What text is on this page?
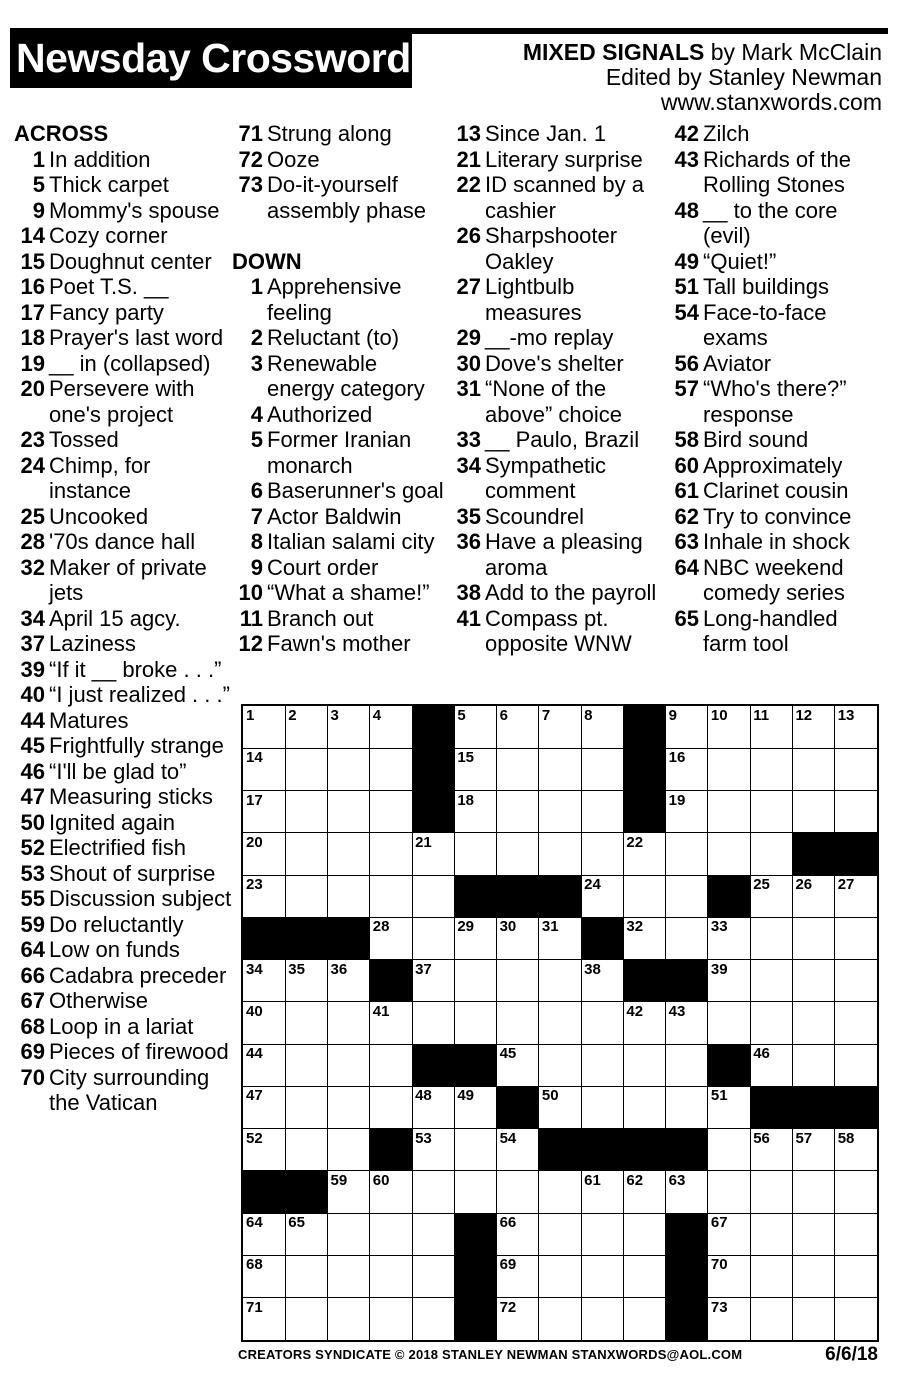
Newsday Crossword	MIXED SIGNALS by Mark McClain
Edited by Stanley Newman
www.stanxwords.com
ACROSS
1 In addition
5 Thick carpet
9 Mommy's spouse
14 Cozy corner
15 Doughnut center
16 Poet T.S. __
17 Fancy party
18 Prayer's last word
19 __ in (collapsed)
20 Persevere with one's project
23 Tossed
24 Chimp, for instance
25 Uncooked
28 '70s dance hall
32 Maker of private jets
34 April 15 agcy.
37 Laziness
39 “If it __ broke . . .”
40 “I just realized . . .”
44 Matures
45 Frightfully strange
46 “I'll be glad to”
47 Measuring sticks
50 Ignited again
52 Electrified fish
53 Shout of surprise
55 Discussion subject
59 Do reluctantly
64 Low on funds
66 Cadabra preceder
67 Otherwise
68 Loop in a lariat
69 Pieces of firewood
70 City surrounding the Vatican
71 Strung along
72 Ooze
73 Do-it-yourself assembly phase
DOWN
1 Apprehensive feeling
2 Reluctant (to)
3 Renewable energy category
4 Authorized
5 Former Iranian monarch
6 Baserunner's goal
7 Actor Baldwin
8 Italian salami city
9 Court order
10 “What a shame!”
11 Branch out
12 Fawn's mother
13 Since Jan. 1
21 Literary surprise
22 ID scanned by a cashier
26 Sharpshooter Oakley
27 Lightbulb measures
29 __-mo replay
30 Dove's shelter
31 “None of the above” choice
33 __ Paulo, Brazil
34 Sympathetic comment
35 Scoundrel
36 Have a pleasing aroma
38 Add to the payroll
41 Compass pt. opposite WNW
42 Zilch
43 Richards of the Rolling Stones
48 __ to the core (evil)
49 “Quiet!”
51 Tall buildings
54 Face-to-face exams
56 Aviator
57 “Who's there?” response
58 Bird sound
60 Approximately
61 Clarinet cousin
62 Try to convince
63 Inhale in shock
64 NBC weekend comedy series
65 Long-handled farm tool
1 2 3 4	5 6 7 8	9 10 11 12 13
14	15	16
17	18	19
20	21	22
23	24	25 26 27
28	29 30 31	32	33
34 35 36	37	38	39
40	41	42 43
44	45	46
47	48 49	50	51
52	53	54	56 57 58
59 60	61 62 63
64 65	66	67
68	69	70
71	72	73
CREATORS SYNDICATE © 2018 STANLEY NEWMAN STANXWORDS@AOL.COM	6/6/18
